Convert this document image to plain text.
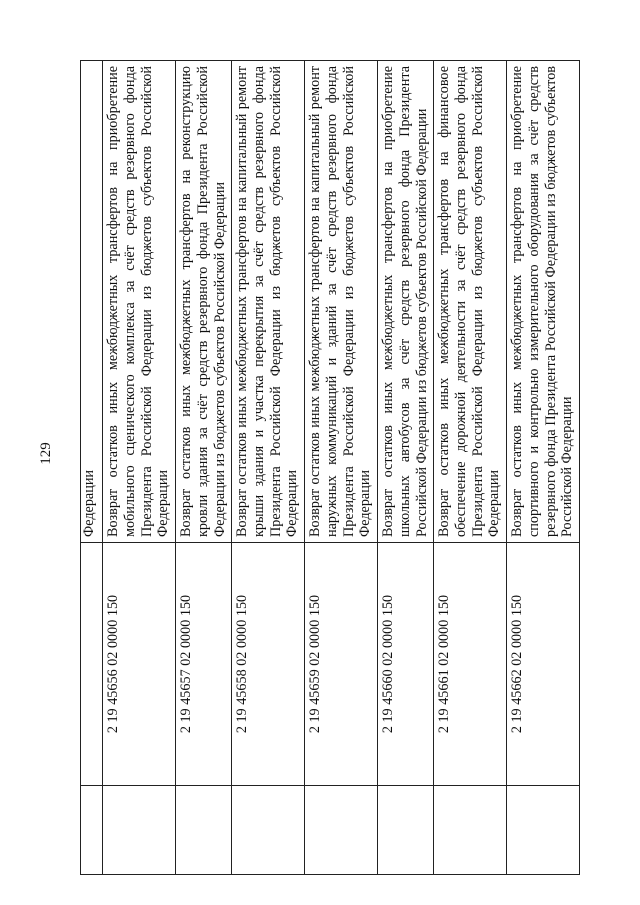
129
		Федерации
	2 19 45656 02 0000 150	Возврат остатков иных межбюджетных трансфертов на приобретение мобильного сценического комплекса за счёт средств резервного фонда Президента Российской Федерации из бюджетов субъектов Российской Федерации
	2 19 45657 02 0000 150	Возврат остатков иных межбюджетных трансфертов на реконструкцию кровли здания за счёт средств резервного фонда Президента Российской Федерации из бюджетов субъектов Российской Федерации
	2 19 45658 02 0000 150	Возврат остатков иных межбюджетных трансфертов на капитальный ремонт крыши здания и участка перекрытия за счёт средств резервного фонда Президента Российской Федерации из бюджетов субъектов Российской Федерации
	2 19 45659 02 0000 150	Возврат остатков иных межбюджетных трансфертов на капитальный ремонт наружных коммуникаций и зданий за счёт средств резервного фонда Президента Российской Федерации из бюджетов субъектов Российской Федерации
	2 19 45660 02 0000 150	Возврат остатков иных межбюджетных трансфертов на приобретение школьных автобусов за счёт средств резервного фонда Президента Российской Федерации из бюджетов субъектов Российской Федерации
	2 19 45661 02 0000 150	Возврат остатков иных межбюджетных трансфертов на финансовое обеспечение дорожной деятельности за счёт средств резервного фонда Президента Российской Федерации из бюджетов субъектов Российской Федерации
	2 19 45662 02 0000 150	Возврат остатков иных межбюджетных трансфертов на приобретение спортивного и контрольно измерительного оборудования за счёт средств резервного фонда Президента Российской Федерации из бюджетов субъектов Российской Федерации
